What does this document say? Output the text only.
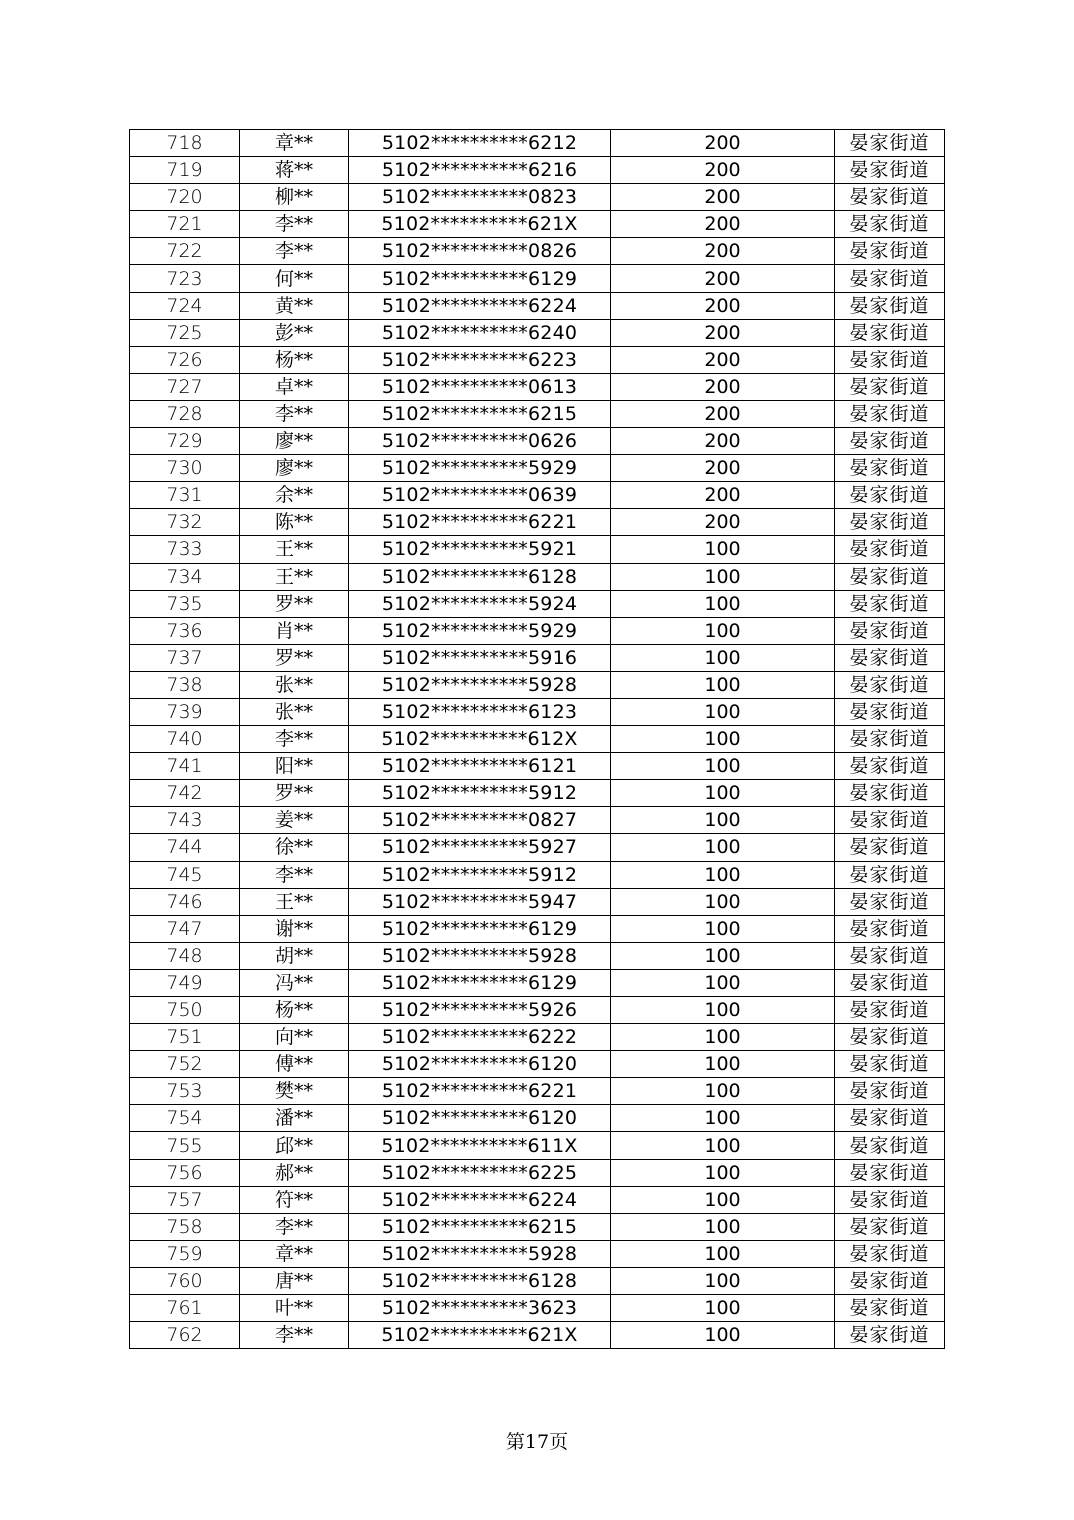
718	章**	5102**********6212	200	晏家街道
719	蒋**	5102**********6216	200	晏家街道
720	柳**	5102**********0823	200	晏家街道
721	李**	5102**********621X	200	晏家街道
722	李**	5102**********0826	200	晏家街道
723	何**	5102**********6129	200	晏家街道
724	黄**	5102**********6224	200	晏家街道
725	彭**	5102**********6240	200	晏家街道
726	杨**	5102**********6223	200	晏家街道
727	卓**	5102**********0613	200	晏家街道
728	李**	5102**********6215	200	晏家街道
729	廖**	5102**********0626	200	晏家街道
730	廖**	5102**********5929	200	晏家街道
731	余**	5102**********0639	200	晏家街道
732	陈**	5102**********6221	200	晏家街道
733	王**	5102**********5921	100	晏家街道
734	王**	5102**********6128	100	晏家街道
735	罗**	5102**********5924	100	晏家街道
736	肖**	5102**********5929	100	晏家街道
737	罗**	5102**********5916	100	晏家街道
738	张**	5102**********5928	100	晏家街道
739	张**	5102**********6123	100	晏家街道
740	李**	5102**********612X	100	晏家街道
741	阳**	5102**********6121	100	晏家街道
742	罗**	5102**********5912	100	晏家街道
743	姜**	5102**********0827	100	晏家街道
744	徐**	5102**********5927	100	晏家街道
745	李**	5102**********5912	100	晏家街道
746	王**	5102**********5947	100	晏家街道
747	谢**	5102**********6129	100	晏家街道
748	胡**	5102**********5928	100	晏家街道
749	冯**	5102**********6129	100	晏家街道
750	杨**	5102**********5926	100	晏家街道
751	向**	5102**********6222	100	晏家街道
752	傅**	5102**********6120	100	晏家街道
753	樊**	5102**********6221	100	晏家街道
754	潘**	5102**********6120	100	晏家街道
755	邱**	5102**********611X	100	晏家街道
756	郝**	5102**********6225	100	晏家街道
757	符**	5102**********6224	100	晏家街道
758	李**	5102**********6215	100	晏家街道
759	章**	5102**********5928	100	晏家街道
760	唐**	5102**********6128	100	晏家街道
761	叶**	5102**********3623	100	晏家街道
762	李**	5102**********621X	100	晏家街道
第17页
